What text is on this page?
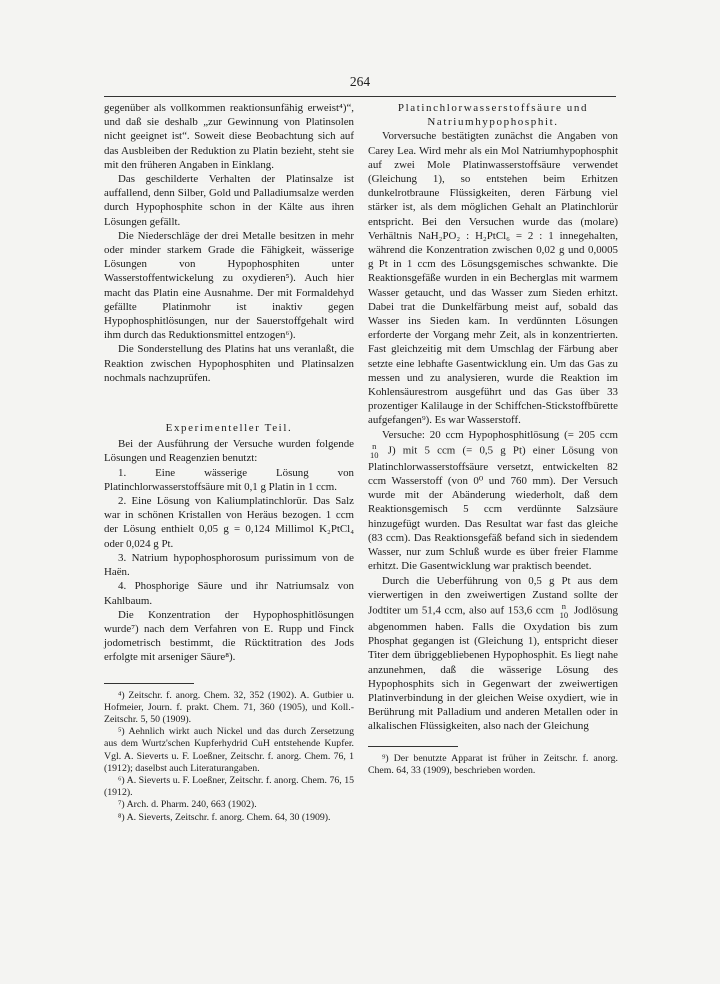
264

gegenüber als vollkommen reaktionsunfähig erweist⁴)“, und daß sie deshalb „zur Gewinnung von Platinsolen nicht geeignet ist“. Soweit diese Beobachtung sich auf das Ausbleiben der Reduktion zu Platin bezieht, steht sie mit den früheren Angaben in Einklang.

Das geschilderte Verhalten der Platinsalze ist auffallend, denn Silber, Gold und Palladiumsalze werden durch Hypophosphite schon in der Kälte aus ihren Lösungen gefällt.

Die Niederschläge der drei Metalle besitzen in mehr oder minder starkem Grade die Fähigkeit, wässerige Lösungen von Hypophosphiten unter Wasserstoffentwickelung zu oxydieren⁵). Auch hier macht das Platin eine Ausnahme. Der mit Formaldehyd gefällte Platinmohr ist inaktiv gegen Hypophosphitlösungen, nur der Sauerstoffgehalt wird ihm durch das Reduktionsmittel entzogen⁶).

Die Sonderstellung des Platins hat uns veranlaßt, die Reaktion zwischen Hypophosphiten und Platinsalzen nochmals nachzuprüfen.

Experimenteller Teil.

Bei der Ausführung der Versuche wurden folgende Lösungen und Reagenzien benutzt:

1. Eine wässerige Lösung von Platinchlorwasserstoffsäure mit 0,1 g Platin in 1 ccm.

2. Eine Lösung von Kaliumplatinchlorür. Das Salz war in schönen Kristallen von Heräus bezogen. 1 ccm der Lösung enthielt 0,05 g = 0,124 Millimol K₂PtCl₄ oder 0,024 g Pt.

3. Natrium hypophosphorosum purissimum von de Haën.

4. Phosphorige Säure und ihr Natriumsalz von Kahlbaum.

Die Konzentration der Hypophosphitlösungen wurde⁷) nach dem Verfahren von E. Rupp und Finck jodometrisch bestimmt, die Rücktitration des Jods erfolgte mit arseniger Säure⁸).

⁴) Zeitschr. f. anorg. Chem. 32, 352 (1902). A. Gutbier u. Hofmeier, Journ. f. prakt. Chem. 71, 360 (1905), und Koll.-Zeitschr. 5, 50 (1909).

⁵) Aehnlich wirkt auch Nickel und das durch Zersetzung aus dem Wurtz'schen Kupferhydrid CuH entstehende Kupfer. Vgl. A. Sieverts u. F. Loeßner, Zeitschr. f. anorg. Chem. 76, 1 (1912); daselbst auch Literaturangaben.

⁶) A. Sieverts u. F. Loeßner, Zeitschr. f. anorg. Chem. 76, 15 (1912).

⁷) Arch. d. Pharm. 240, 663 (1902).

⁸) A. Sieverts, Zeitschr. f. anorg. Chem. 64, 30 (1909).

Platinchlorwasserstoffsäure und Natriumhypophosphit.

Vorversuche bestätigten zunächst die Angaben von Carey Lea. Wird mehr als ein Mol Natriumhypophosphit auf zwei Mole Platinwasserstoffsäure verwendet (Gleichung 1), so entstehen beim Erhitzen dunkelrotbraune Flüssigkeiten, deren Färbung viel stärker ist, als dem möglichen Gehalt an Platinchlorür entspricht. Bei den Versuchen wurde das (molare) Verhältnis NaH₂PO₂ : H₂PtCl₆ = 2 : 1 innegehalten, während die Konzentration zwischen 0,02 g und 0,0005 g Pt in 1 ccm des Lösungsgemisches schwankte. Die Reaktionsgefäße wurden in ein Becherglas mit warmem Wasser getaucht, und das Wasser zum Sieden erhitzt. Dabei trat die Dunkelfärbung meist auf, sobald das Wasser ins Sieden kam. In verdünnten Lösungen erforderte der Vorgang mehr Zeit, als in konzentrierten. Fast gleichzeitig mit dem Umschlag der Färbung aber setzte eine lebhafte Gasentwicklung ein. Um das Gas zu messen und zu analysieren, wurde die Reaktion im Kohlensäurestrom ausgeführt und das Gas über 33 prozentiger Kalilauge in der Schiffchen-Stickstoffbürette aufgefangen⁹). Es war Wasserstoff.

Versuche: 20 ccm Hypophosphitlösung (= 205 ccm
n
10 J) mit 5 ccm (= 0,5 g Pt) einer Lösung von Platinchlorwasserstoffsäure versetzt, entwickelten 82 ccm Wasserstoff (von 0⁰ und 760 mm). Der Versuch wurde mit der Abänderung wiederholt, daß dem Reaktionsgemisch 5 ccm verdünnte Salzsäure hinzugefügt wurden. Das Resultat war fast das gleiche (83 ccm). Das Reaktionsgefäß befand sich in siedendem Wasser, nur zum Schluß wurde es über freier Flamme erhitzt. Die Gasentwicklung war praktisch beendet.

Durch die Ueberführung von 0,5 g Pt aus dem vierwertigen in den zweiwertigen Zustand sollte der Jodtiter um 51,4 ccm, also auf 153,6 ccm n
10 Jodlösung abgenommen haben. Falls die Oxydation bis zum Phosphat gegangen ist (Gleichung 1), entspricht dieser Titer dem übriggebliebenen Hypophosphit. Es liegt nahe anzunehmen, daß die wässerige Lösung des Hypophosphits sich in Gegenwart der zweiwertigen Platinverbindung in der gleichen Weise oxydiert, wie in Berührung mit Palladium und anderen Metallen oder in alkalischen Flüssigkeiten, also nach der Gleichung

⁹) Der benutzte Apparat ist früher in Zeitschr. f. anorg. Chem. 64, 33 (1909), beschrieben worden.
